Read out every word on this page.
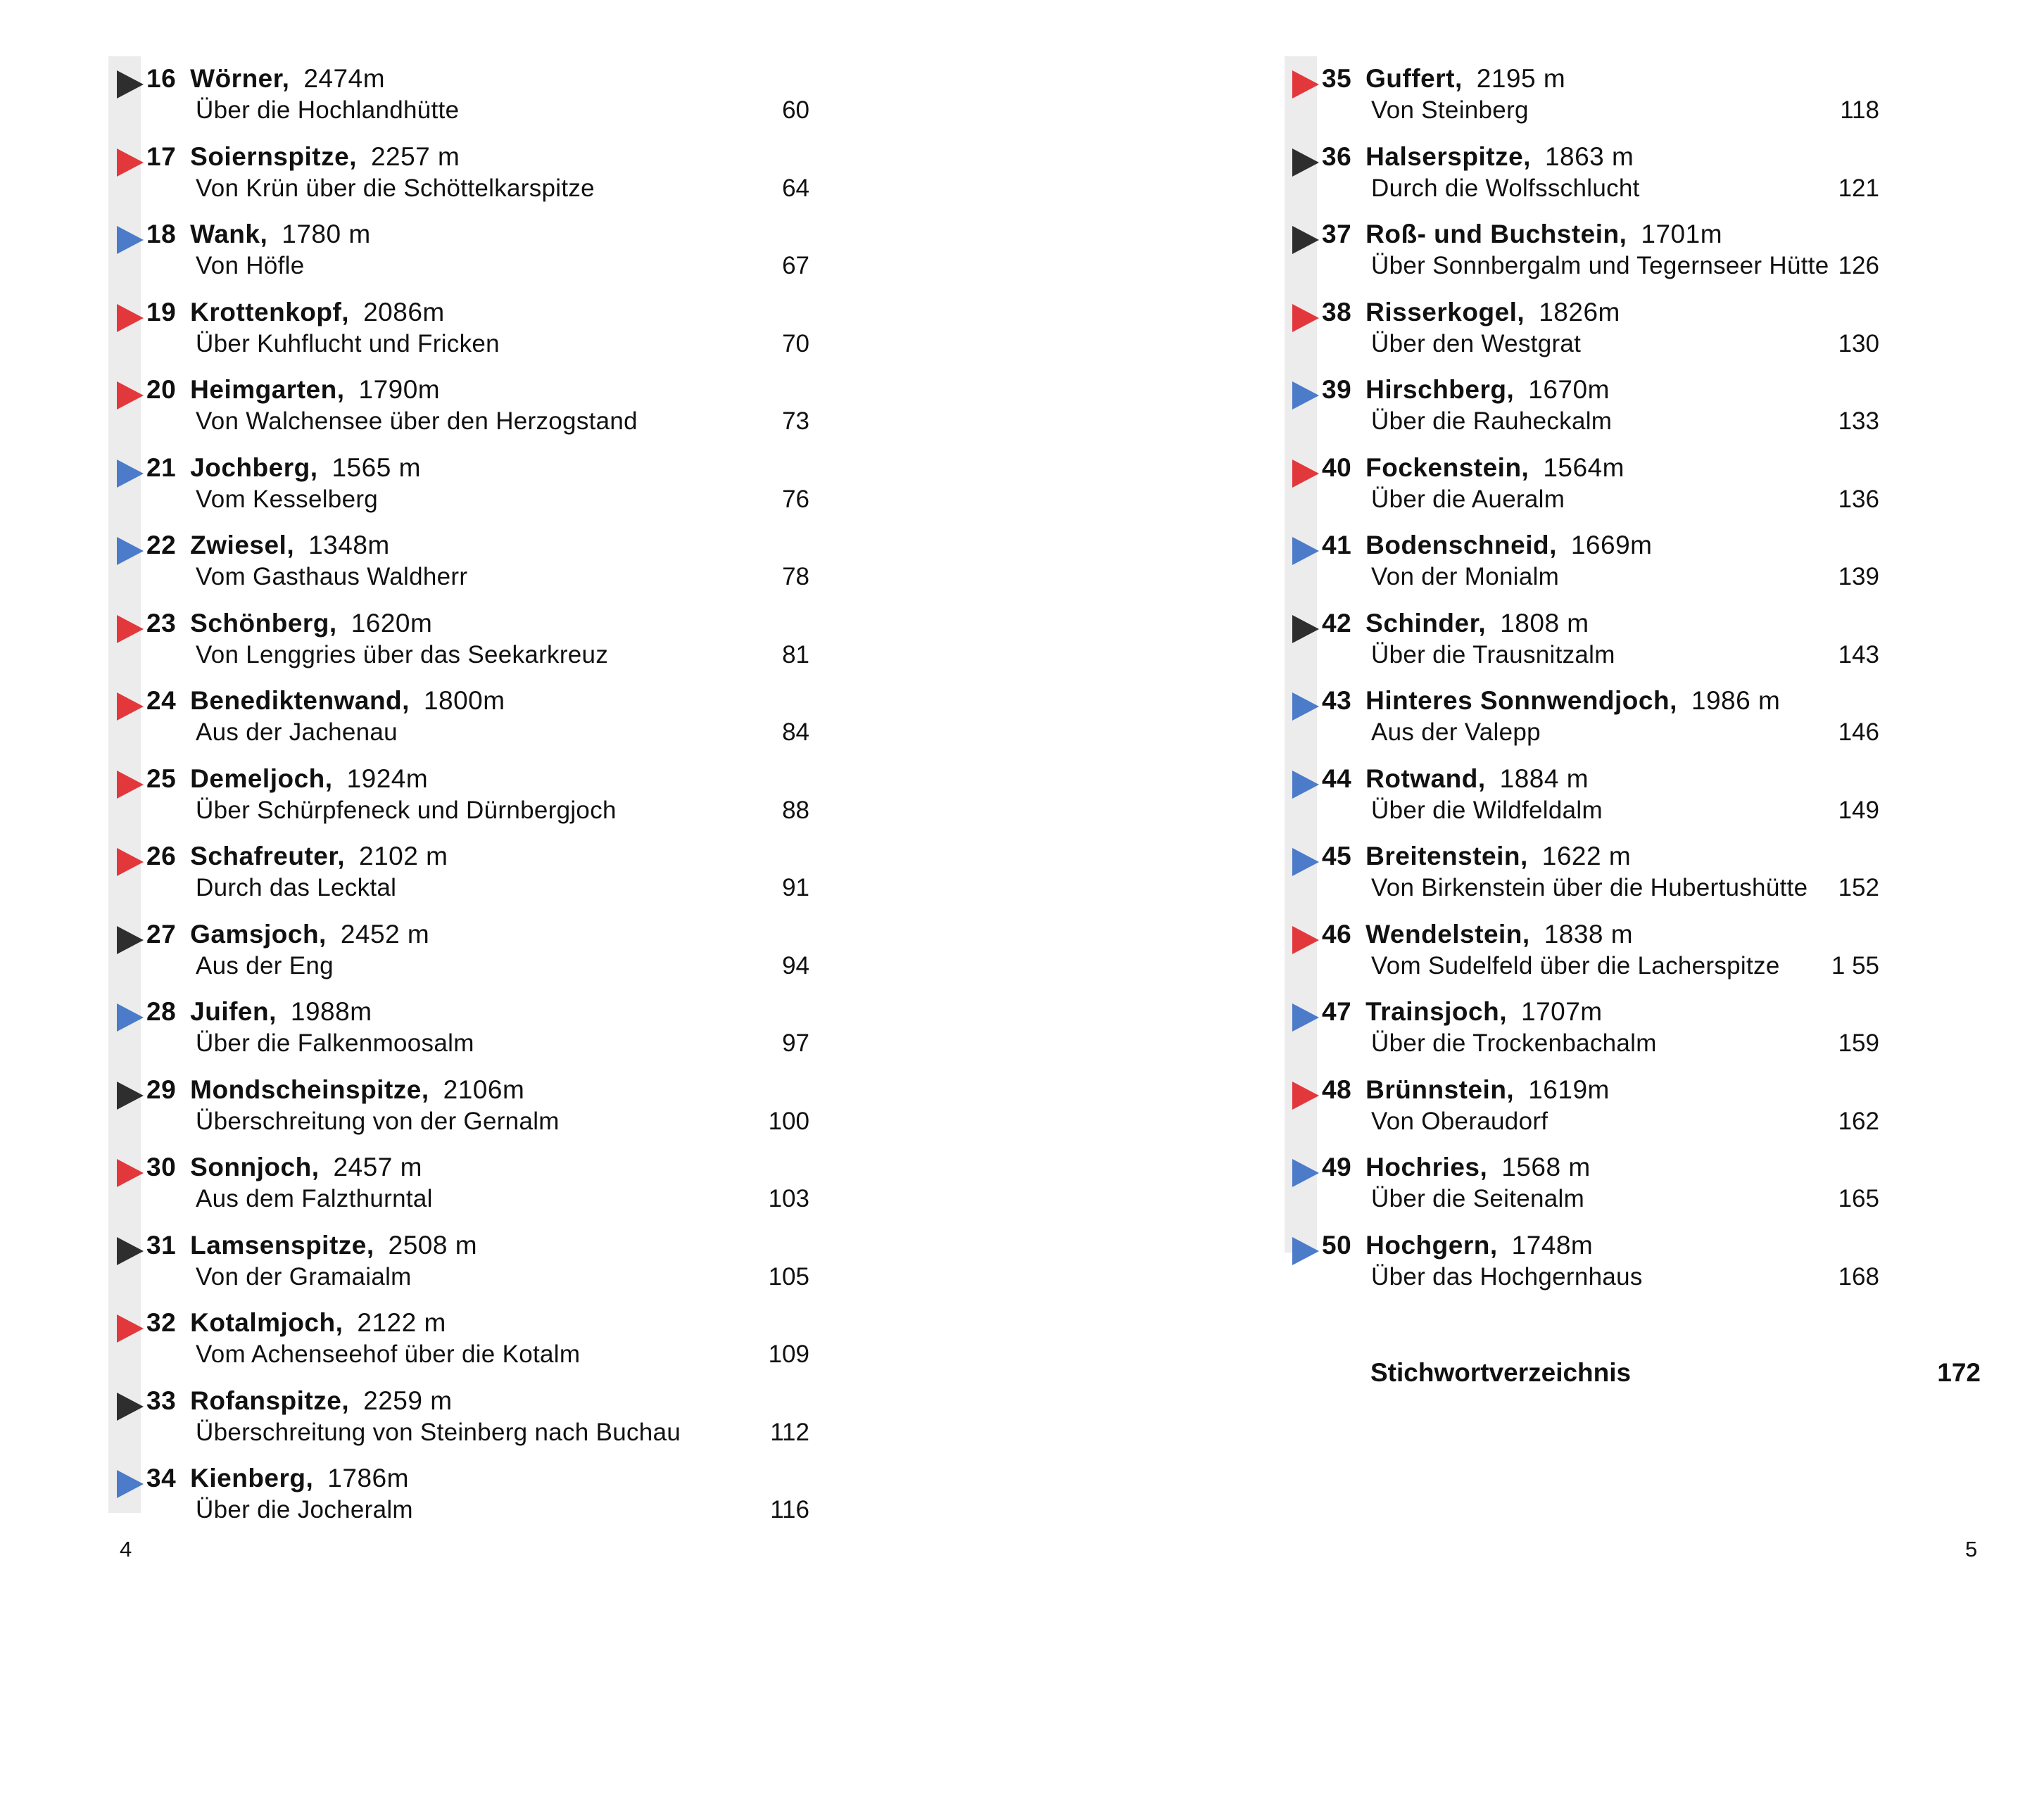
16 Wörner, 2474m
Über die Hochlandhütte	60
17 Soiernspitze, 2257 m
Von Krün über die Schöttelkarspitze	64
18 Wank, 1780 m
Von Höfle	67
19 Krottenkopf, 2086m
Über Kuhflucht und Fricken	70
20 Heimgarten, 1790m
Von Walchensee über den Herzogstand	73
21 Jochberg, 1565 m
Vom Kesselberg	76
22 Zwiesel, 1348m
Vom Gasthaus Waldherr	78
23 Schönberg, 1620m
Von Lenggries über das Seekarkreuz	81
24 Benediktenwand, 1800m
Aus der Jachenau	84
25 Demeljoch, 1924m
Über Schürpfeneck und Dürnbergjoch	88
26 Schafreuter, 2102 m
Durch das Lecktal	91
27 Gamsjoch, 2452 m
Aus der Eng	94
28 Juifen, 1988m
Über die Falkenmoosalm	97
29 Mondscheinspitze, 2106m
Überschreitung von der Gernalm	100
30 Sonnjoch, 2457 m
Aus dem Falzthurntal	103
31 Lamsenspitze, 2508 m
Von der Gramaialm	105
32 Kotalmjoch, 2122 m
Vom Achenseehof über die Kotalm	109
33 Rofanspitze, 2259 m
Überschreitung von Steinberg nach Buchau	112
34 Kienberg, 1786m
Über die Jocheralm	116
4
35 Guffert, 2195 m
Von Steinberg	118
36 Halserspitze, 1863 m
Durch die Wolfsschlucht	121
37 Roß- und Buchstein, 1701m
Über Sonnbergalm und Tegernseer Hütte 126
38 Risserkogel, 1826m
Über den Westgrat	130
39 Hirschberg, 1670m
Über die Rauheckalm	133
40 Fockenstein, 1564m
Über die Aueralm	136
41 Bodenschneid, 1669m
Von der Monialm	139
42 Schinder, 1808 m
Über die Trausnitzalm	143
43 Hinteres Sonnwendjoch, 1986 m
Aus der Valepp	146
44 Rotwand, 1884 m
Über die Wildfeldalm	149
45 Breitenstein, 1622 m
Von Birkenstein über die Hubertushütte	152
46 Wendelstein, 1838 m
Vom Sudelfeld über die Lacherspitze	1 55
47 Trainsjoch, 1707m
Über die Trockenbachalm	159
48 Brünnstein, 1619m
Von Oberaudorf	162
49 Hochries, 1568 m
Über die Seitenalm	165
50 Hochgern, 1748m
Über das Hochgernhaus	168
Stichwortverzeichnis	172
5
